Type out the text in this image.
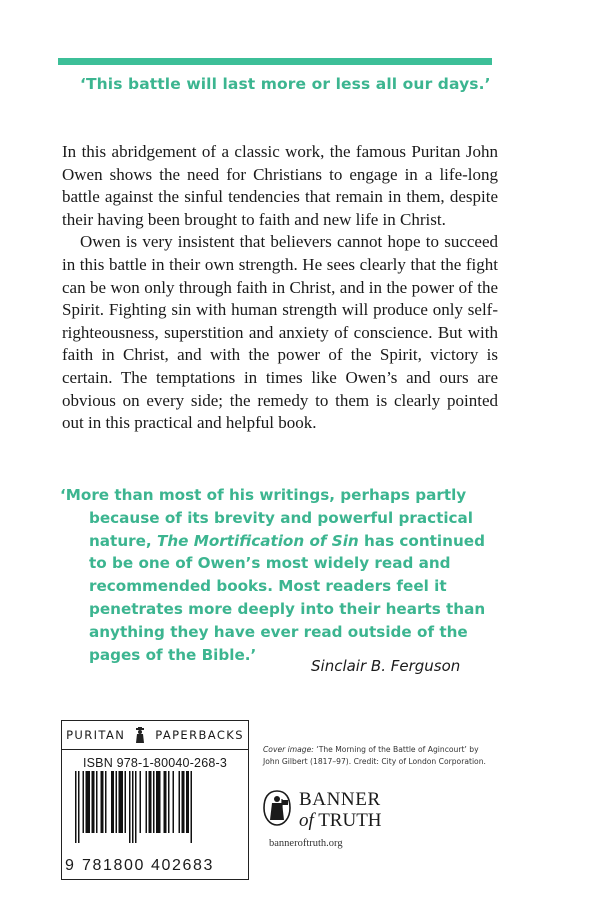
‘This battle will last more or less all our days.’

In this abridgement of a classic work, the famous Puritan John Owen shows the need for Christians to engage in a life-long battle against the sinful tendencies that remain in them, despite their having been brought to faith and new life in Christ.

Owen is very insistent that believers cannot hope to succeed in this battle in their own strength. He sees clearly that the fight can be won only through faith in Christ, and in the power of the Spirit. Fighting sin with human strength will produce only self-righteousness, superstition and anxiety of conscience. But with faith in Christ, and with the power of the Spirit, victory is certain. The temptations in times like Owen’s and ours are obvious on every side; the remedy to them is clearly pointed out in this practical and helpful book.

‘More than most of his writings, perhaps partly
because of its brevity and powerful practical
nature, The Mortification of Sin has continued
to be one of Owen’s most widely read and
recommended books. Most readers feel it
penetrates more deeply into their hearts than
anything they have ever read outside of the
pages of the Bible.’
Sinclair B. Ferguson
PURITAN	PAPERBACKS
ISBN 978-1-80040-268-3
9 781800 402683
Cover image: ‘The Morning of the Battle of Agincourt’ by
John Gilbert (1817–97). Credit: City of London Corporation.
BANNER
of TRUTH
banneroftruth.org
